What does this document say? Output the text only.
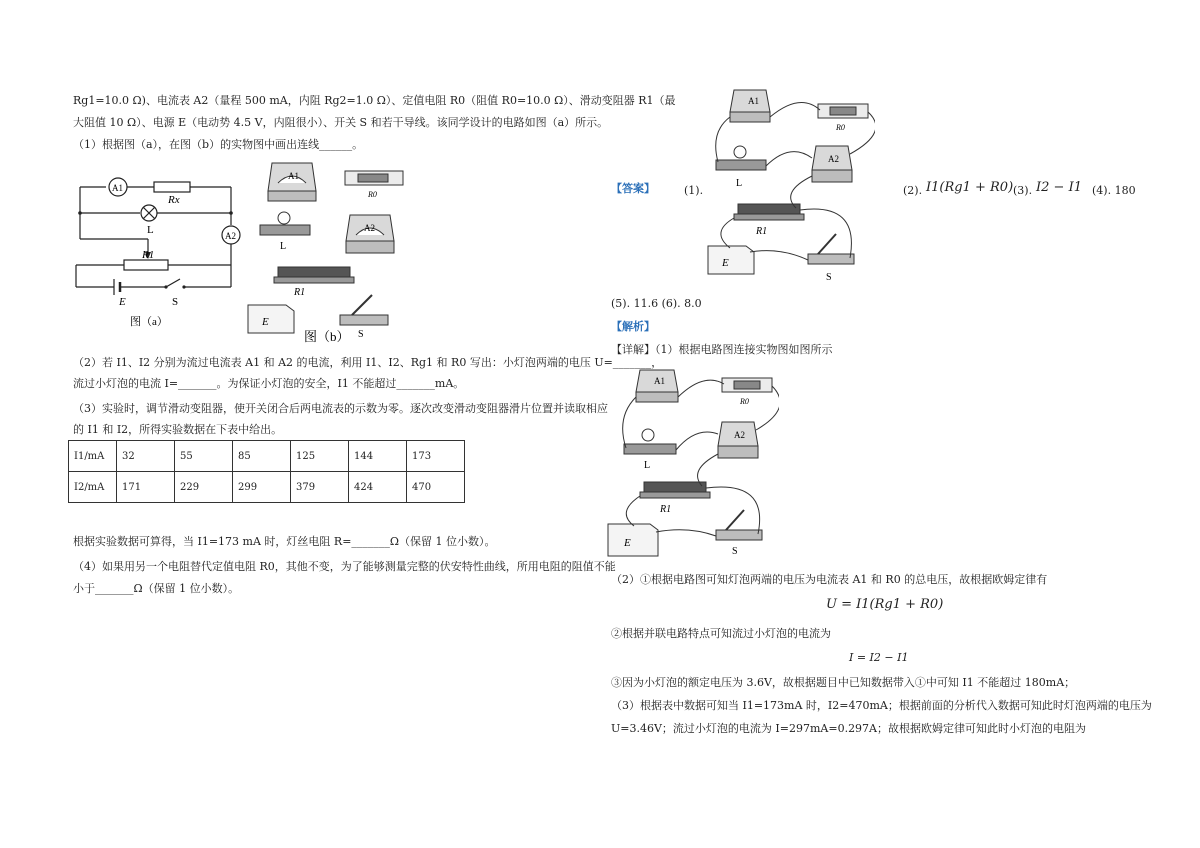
Rg1=10.0 Ω)、电流表 A2（量程 500 mA，内阻 Rg2=1.0 Ω）、定值电阻 R0（阻值 R0=10.0 Ω）、滑动变阻器 R1（最
大阻值 10 Ω）、电源 E（电动势 4.5 V，内阻很小）、开关 S 和若干导线。该同学设计的电路如图（a）所示。
（1）根据图（a），在图（b）的实物图中画出连线______。
A1
Rx
L	A2
R1
E	S
图（a）
A1
R0
L
A2
R1
E
S
图（b）
（2）若 I1、I2 分别为流过电流表 A1 和 A2 的电流，利用 I1、I2、Rg1 和 R0 写出：小灯泡两端的电压 U=_______，
流过小灯泡的电流 I=_______。为保证小灯泡的安全，I1 不能超过_______mA。
（3）实验时，调节滑动变阻器，使开关闭合后两电流表的示数为零。逐次改变滑动变阻器滑片位置并读取相应
的 I1 和 I2，所得实验数据在下表中给出。
I1/mA	32	55	85	125	144	173
I2/mA	171	229	299	379	424	470
根据实验数据可算得，当 I1=173 mA 时，灯丝电阻 R=_______Ω（保留 1 位小数）。
（4）如果用另一个电阻替代定值电阻 R0，其他不变，为了能够测量完整的伏安特性曲线，所用电阻的阻值不能
小于_______Ω（保留 1 位小数）。
A1
R0
L
A2
R1
E
S
【答案】	(1).	(2). I1(Rg1 + R0) (3). I2 − I1 (4). 180
(5). 11.6 (6). 8.0
【解析】
【详解】（1）根据电路图连接实物图如图所示
A1
R0
L
A2
R1
E
S
（2）①根据电路图可知灯泡两端的电压为电流表 A1 和 R0 的总电压，故根据欧姆定律有
U = I1(Rg1 + R0)
②根据并联电路特点可知流过小灯泡的电流为
I = I2 − I1
③因为小灯泡的额定电压为 3.6V，故根据题目中已知数据带入①中可知 I1 不能超过 180mA；
（3）根据表中数据可知当 I1=173mA 时，I2=470mA；根据前面的分析代入数据可知此时灯泡两端的电压为
U=3.46V；流过小灯泡的电流为 I=297mA=0.297A；故根据欧姆定律可知此时小灯泡的电阻为
